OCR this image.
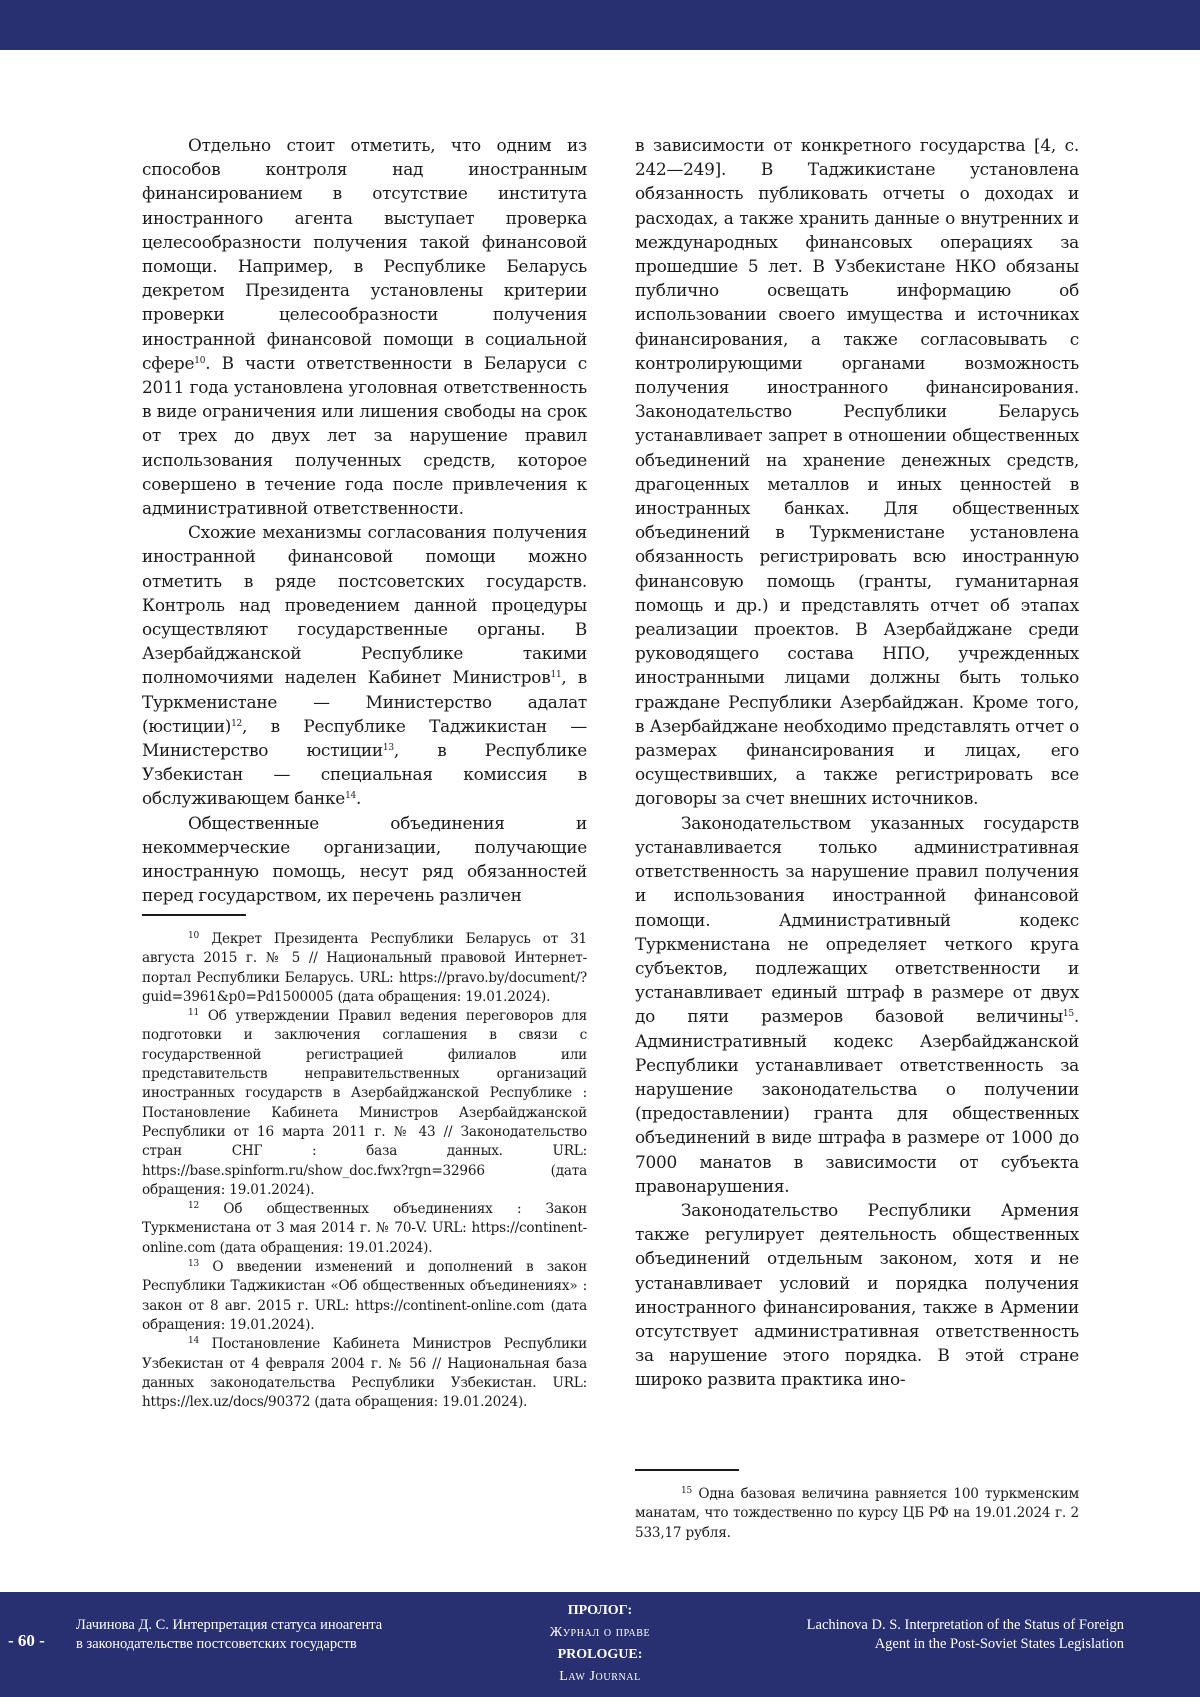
Отдельно стоит отметить, что одним из способов контроля над иностранным финансированием в отсутствие института иностранного агента выступает проверка целесообразности получения такой финансовой помощи. Например, в Республике Беларусь декретом Президента установлены критерии проверки целесообразности получения иностранной финансовой помощи в социальной сфере$^{10}$. В части ответственности в Беларуси с 2011 года установлена уголовная ответственность в виде ограничения или лишения свободы на срок от трех до двух лет за нарушение правил использования полученных средств, которое совершено в течение года после привлечения к административной ответственности.

Схожие механизмы согласования получения иностранной финансовой помощи можно отметить в ряде постсоветских государств. Контроль над проведением данной процедуры осуществляют государственные органы. В Азербайджанской Республике такими полномочиями наделен Кабинет Министров$^{11}$, в Туркменистане — Министерство адалат (юстиции)$^{12}$, в Республике Таджикистан — Министерство юстиции$^{13}$, в Республике Узбекистан — специальная комиссия в обслуживающем банке$^{14}$.

Общественные объединения и некоммерческие организации, получающие иностранную помощь, несут ряд обязанностей перед государством, их перечень различен

$^{10}$ Декрет Президента Республики Беларусь от 31 августа 2015 г. № 5 // Национальный правовой Интернет-портал Республики Беларусь. URL: https://pravo.by/document/?guid=3961&p0=Pd1500005 (дата обращения: 19.01.2024).

$^{11}$ Об утверждении Правил ведения переговоров для подготовки и заключения соглашения в связи с государственной регистрацией филиалов или представительств неправительственных организаций иностранных государств в Азербайджанской Республике : Постановление Кабинета Министров Азербайджанской Республики от 16 марта 2011 г. № 43 // Законодательство стран СНГ : база данных. URL: https://base.spinform.ru/show_doc.fwx?rgn=32966 (дата обращения: 19.01.2024).

$^{12}$ Об общественных объединениях : Закон Туркменистана от 3 мая 2014 г. № 70-V. URL: https://continent-online.com (дата обращения: 19.01.2024).

$^{13}$ О введении изменений и дополнений в закон Республики Таджикистан «Об общественных объединениях» : закон от 8 авг. 2015 г. URL: https://continent-online.com (дата обращения: 19.01.2024).

$^{14}$ Постановление Кабинета Министров Республики Узбекистан от 4 февраля 2004 г. № 56 // Национальная база данных законодательства Республики Узбекистан. URL: https://lex.uz/docs/90372 (дата обращения: 19.01.2024).

в зависимости от конкретного государства [4, с. 242—249]. В Таджикистане установлена обязанность публиковать отчеты о доходах и расходах, а также хранить данные о внутренних и международных финансовых операциях за прошедшие 5 лет. В Узбекистане НКО обязаны публично освещать информацию об использовании своего имущества и источниках финансирования, а также согласовывать с контролирующими органами возможность получения иностранного финансирования. Законодательство Республики Беларусь устанавливает запрет в отношении общественных объединений на хранение денежных средств, драгоценных металлов и иных ценностей в иностранных банках. Для общественных объединений в Туркменистане установлена обязанность регистрировать всю иностранную финансовую помощь (гранты, гуманитарная помощь и др.) и представлять отчет об этапах реализации проектов. В Азербайджане среди руководящего состава НПО, учрежденных иностранными лицами должны быть только граждане Республики Азербайджан. Кроме того, в Азербайджане необходимо представлять отчет о размерах финансирования и лицах, его осуществивших, а также регистрировать все договоры за счет внешних источников.

Законодательством указанных государств устанавливается только административная ответственность за нарушение правил получения и использования иностранной финансовой помощи. Административный кодекс Туркменистана не определяет четкого круга субъектов, подлежащих ответственности и устанавливает единый штраф в размере от двух до пяти размеров базовой величины$^{15}$. Административный кодекс Азербайджанской Республики устанавливает ответственность за нарушение законодательства о получении (предоставлении) гранта для общественных объединений в виде штрафа в размере от 1000 до 7000 манатов в зависимости от субъекта правонарушения.

Законодательство Республики Армения также регулирует деятельность общественных объединений отдельным законом, хотя и не устанавливает условий и порядка получения иностранного финансирования, также в Армении отсутствует административная ответственность за нарушение этого порядка. В этой стране широко развита практика ино-

$^{15}$ Одна базовая величина равняется 100 туркменским манатам, что тождественно по курсу ЦБ РФ на 19.01.2024 г. 2 533,17 рубля.

- 60 -
Лачинова Д. С. Интерпретация статуса иноагента
в законодательстве постсоветских государств
ПРОЛОГ:
Журнал о праве
PROLOGUE:
Law Journal
Lachinova D. S. Interpretation of the Status of Foreign
Agent in the Post-Soviet States Legislation
